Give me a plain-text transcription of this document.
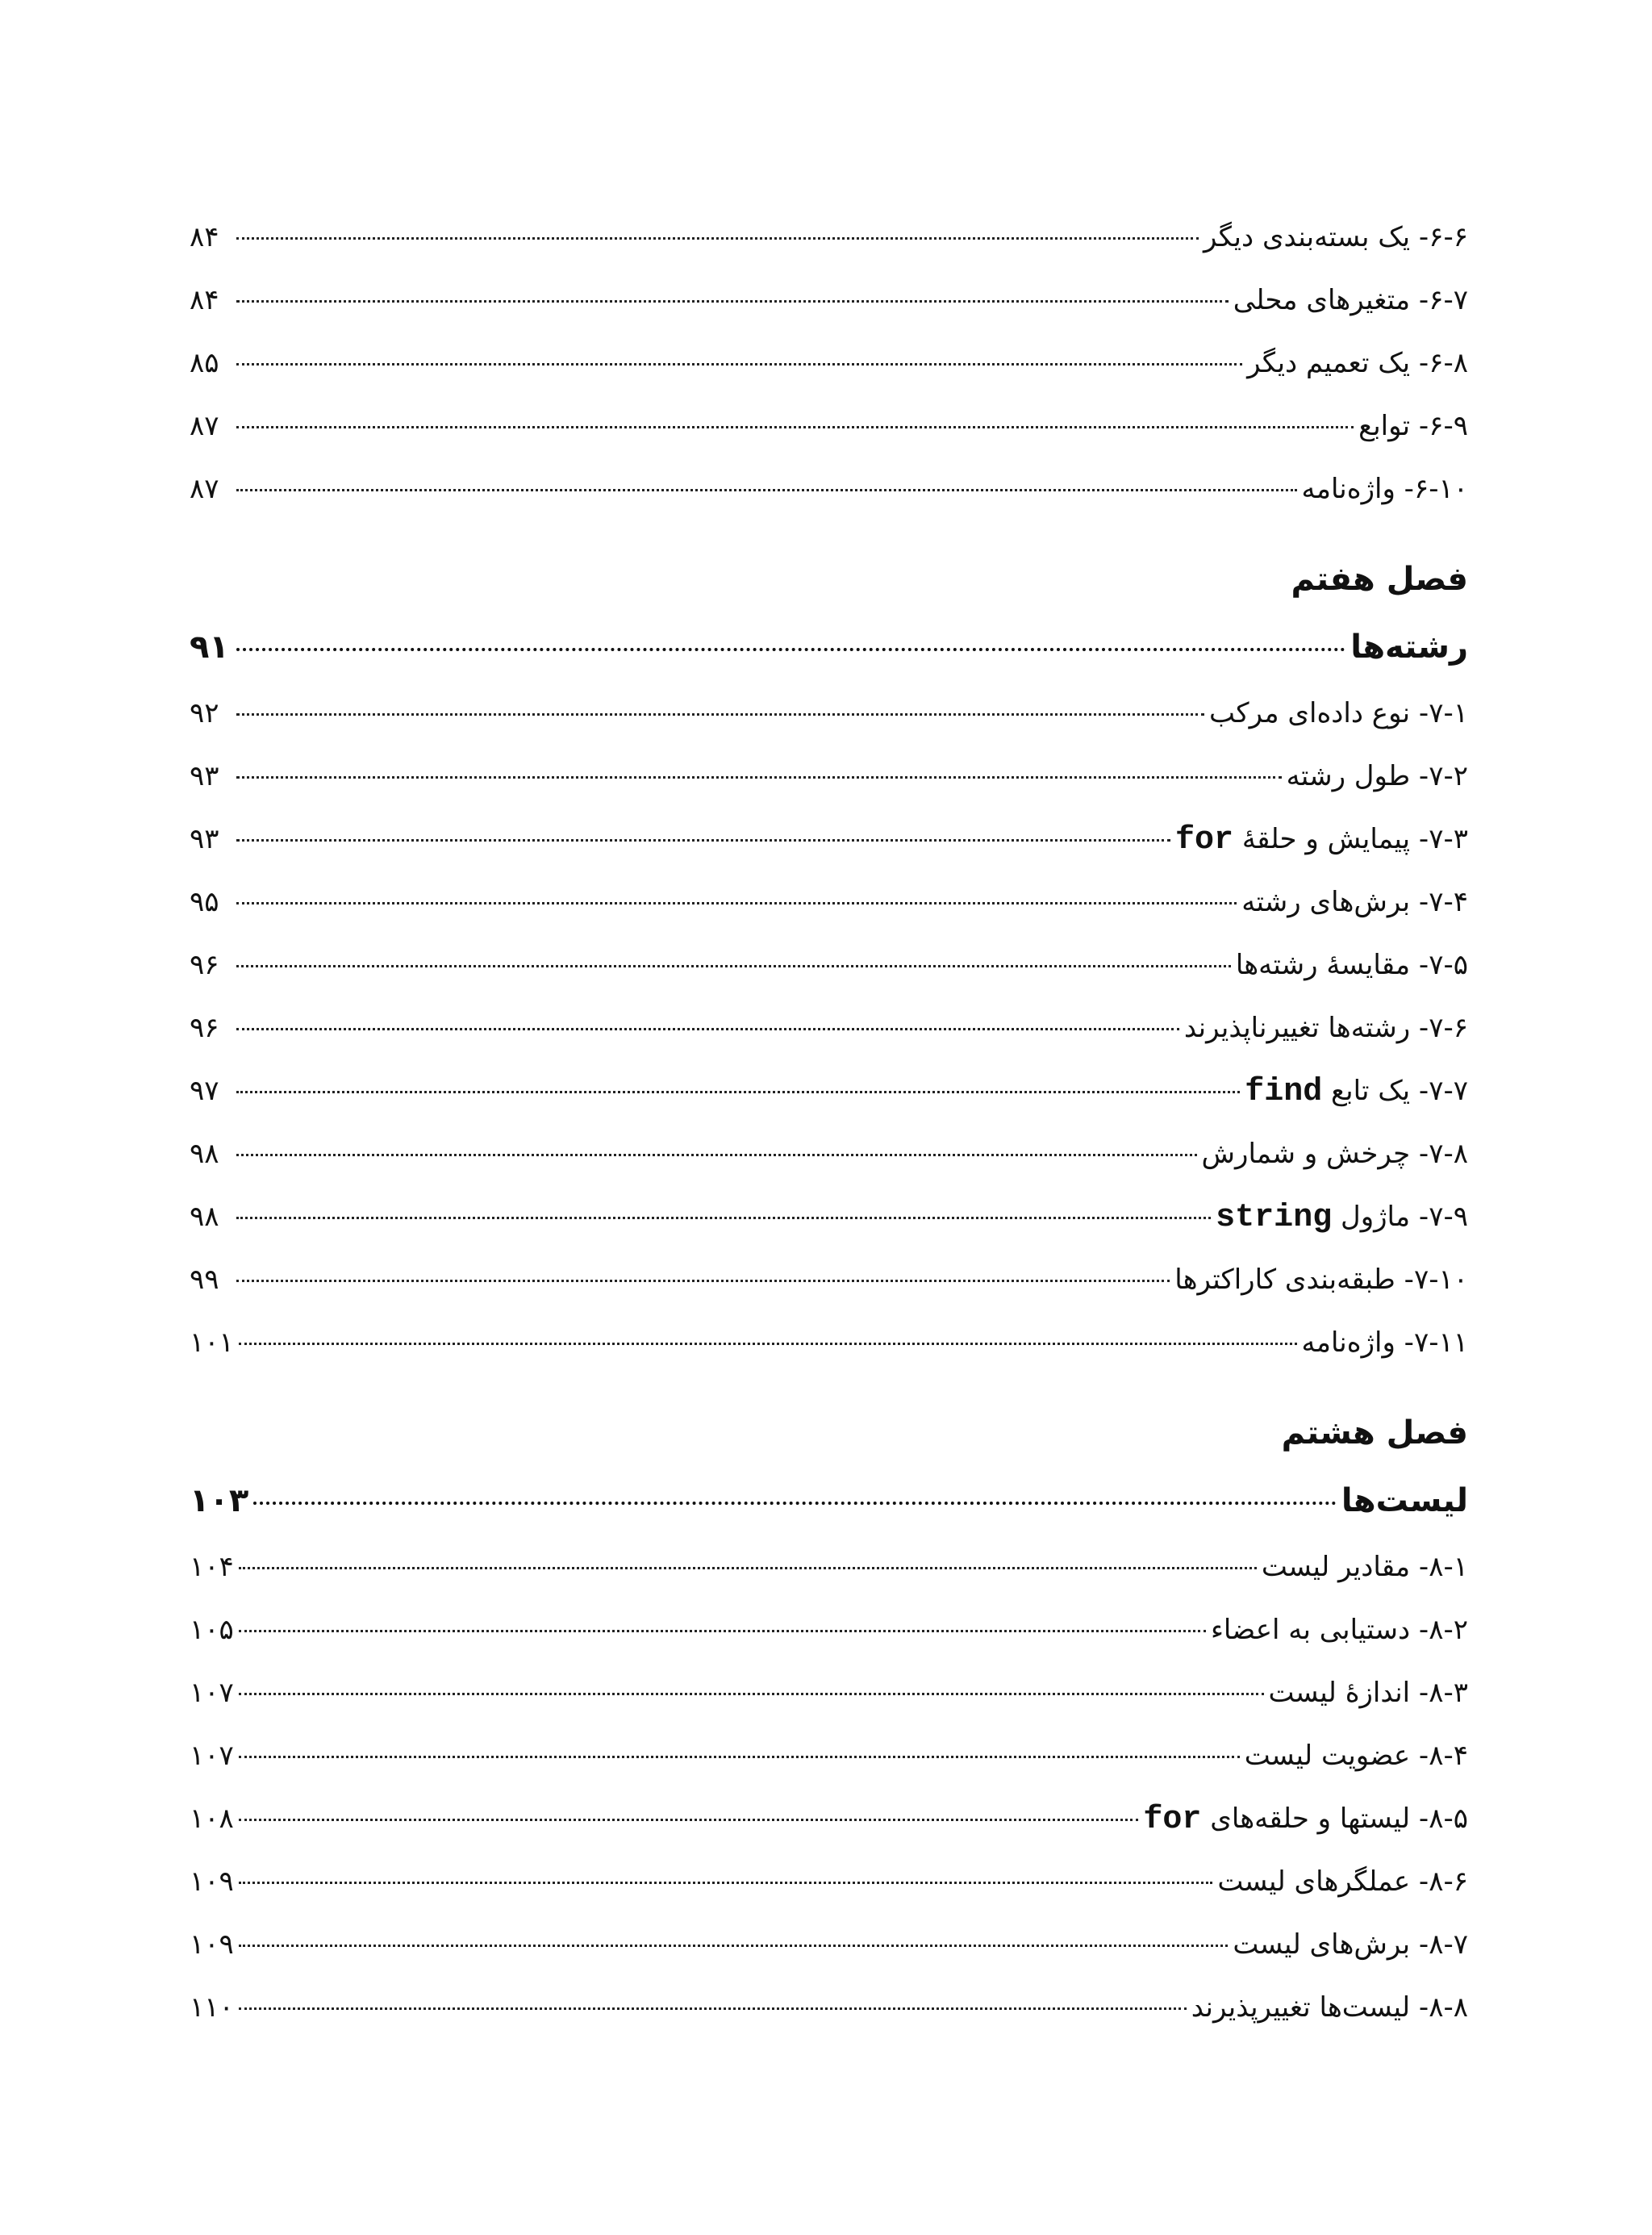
۶-۶- یک بسته‌بندی دیگر
۸۴
۶-۷- متغیرهای محلی
۸۴
۶-۸- یک تعمیم دیگر
۸۵
۶-۹- توابع
۸۷
۶-۱۰- واژه‌نامه
۸۷
فصل هفتم
رشته‌ها
۹۱
۷-۱- نوع داده‌ای مرکب
۹۲
۷-۲- طول رشته
۹۳
۷-۳- پیمایش و حلقهٔ for
۹۳
۷-۴- برش‌های رشته
۹۵
۷-۵- مقایسهٔ رشته‌ها
۹۶
۷-۶- رشته‌ها تغییرناپذیرند
۹۶
۷-۷- یک تابع find
۹۷
۷-۸- چرخش و شمارش
۹۸
۷-۹- ماژول string
۹۸
۷-۱۰- طبقه‌بندی کاراکترها
۹۹
۷-۱۱- واژه‌نامه
۱۰۱
فصل هشتم
لیست‌ها
۱۰۳
۸-۱- مقادیر لیست
۱۰۴
۸-۲- دستیابی به اعضاء
۱۰۵
۸-۳- اندازهٔ لیست
۱۰۷
۸-۴- عضویت لیست
۱۰۷
۸-۵- لیستها و حلقه‌های for
۱۰۸
۸-۶- عملگرهای لیست
۱۰۹
۸-۷- برش‌های لیست
۱۰۹
۸-۸- لیست‌ها تغییرپذیرند
۱۱۰
